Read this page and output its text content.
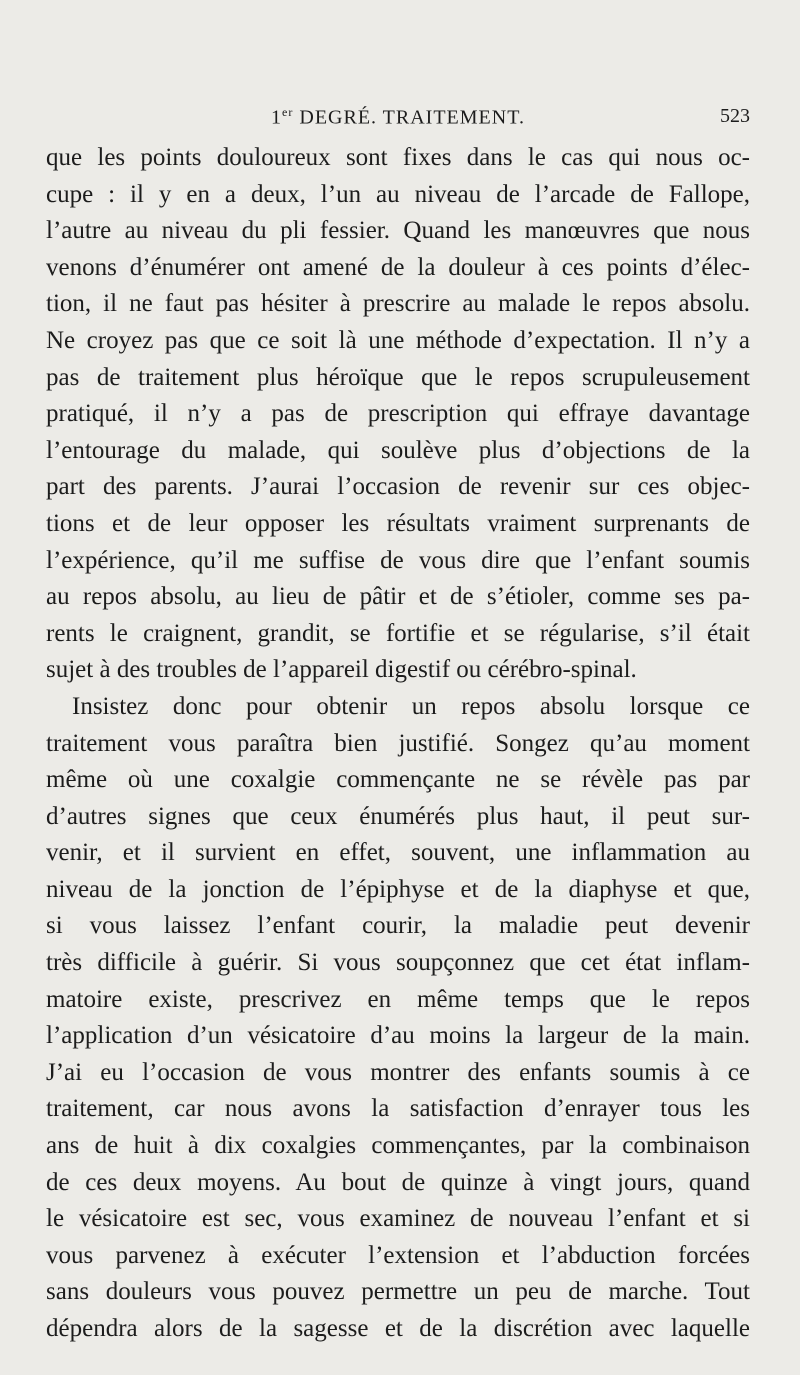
1er DEGRÉ. TRAITEMENT.	523
que les points douloureux sont fixes dans le cas qui nous oc-
cupe : il y en a deux, l’un au niveau de l’arcade de Fallope,
l’autre au niveau du pli fessier. Quand les manœuvres que nous
venons d’énumérer ont amené de la douleur à ces points d’élec-
tion, il ne faut pas hésiter à prescrire au malade le repos absolu.
Ne croyez pas que ce soit là une méthode d’expectation. Il n’y a
pas de traitement plus héroïque que le repos scrupuleusement
pratiqué, il n’y a pas de prescription qui effraye davantage
l’entourage du malade, qui soulève plus d’objections de la
part des parents. J’aurai l’occasion de revenir sur ces objec-
tions et de leur opposer les résultats vraiment surprenants de
l’expérience, qu’il me suffise de vous dire que l’enfant soumis
au repos absolu, au lieu de pâtir et de s’étioler, comme ses pa-
rents le craignent, grandit, se fortifie et se régularise, s’il était
sujet à des troubles de l’appareil digestif ou cérébro-spinal.
Insistez donc pour obtenir un repos absolu lorsque ce
traitement vous paraîtra bien justifié. Songez qu’au moment
même où une coxalgie commençante ne se révèle pas par
d’autres signes que ceux énumérés plus haut, il peut sur-
venir, et il survient en effet, souvent, une inflammation au
niveau de la jonction de l’épiphyse et de la diaphyse et que,
si vous laissez l’enfant courir, la maladie peut devenir
très difficile à guérir. Si vous soupçonnez que cet état inflam-
matoire existe, prescrivez en même temps que le repos
l’application d’un vésicatoire d’au moins la largeur de la main.
J’ai eu l’occasion de vous montrer des enfants soumis à ce
traitement, car nous avons la satisfaction d’enrayer tous les
ans de huit à dix coxalgies commençantes, par la combinaison
de ces deux moyens. Au bout de quinze à vingt jours, quand
le vésicatoire est sec, vous examinez de nouveau l’enfant et si
vous parvenez à exécuter l’extension et l’abduction forcées
sans douleurs vous pouvez permettre un peu de marche. Tout
dépendra alors de la sagesse et de la discrétion avec laquelle
